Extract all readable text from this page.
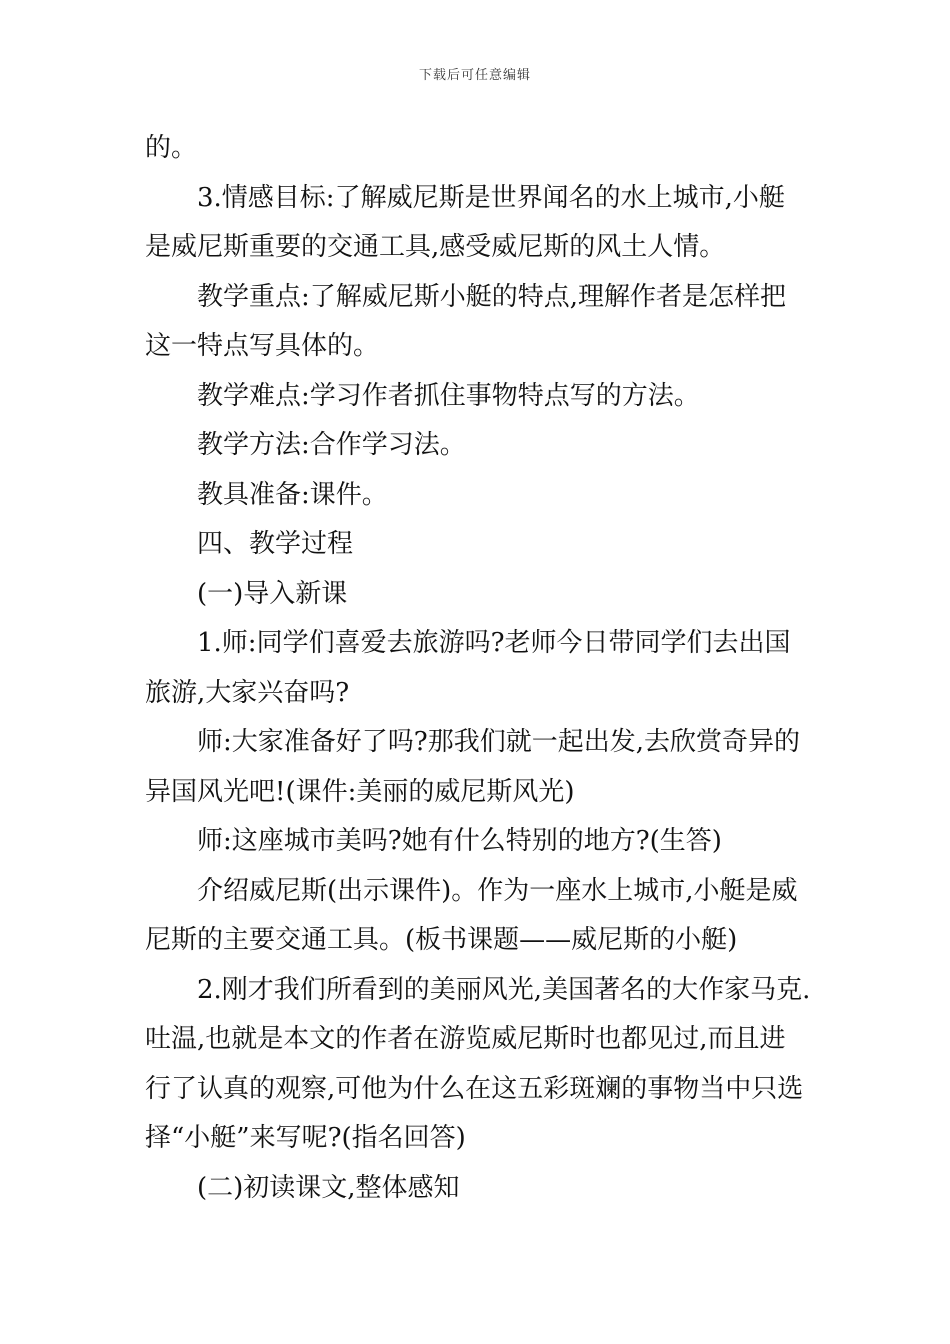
下载后可任意编辑
的。
3.情感目标:了解威尼斯是世界闻名的水上城市,小艇
是威尼斯重要的交通工具,感受威尼斯的风土人情。
教学重点:了解威尼斯小艇的特点,理解作者是怎样把
这一特点写具体的。
教学难点:学习作者抓住事物特点写的方法。
教学方法:合作学习法。
教具准备:课件。
四、教学过程
(一)导入新课
1.师:同学们喜爱去旅游吗?老师今日带同学们去出国
旅游,大家兴奋吗?
师:大家准备好了吗?那我们就一起出发,去欣赏奇异的
异国风光吧!(课件:美丽的威尼斯风光)
师:这座城市美吗?她有什么特别的地方?(生答)
介绍威尼斯(出示课件)。作为一座水上城市,小艇是威
尼斯的主要交通工具。(板书课题——威尼斯的小艇)
2.刚才我们所看到的美丽风光,美国著名的大作家马克.
吐温,也就是本文的作者在游览威尼斯时也都见过,而且进
行了认真的观察,可他为什么在这五彩斑斓的事物当中只选
择“小艇”来写呢?(指名回答)
(二)初读课文,整体感知
